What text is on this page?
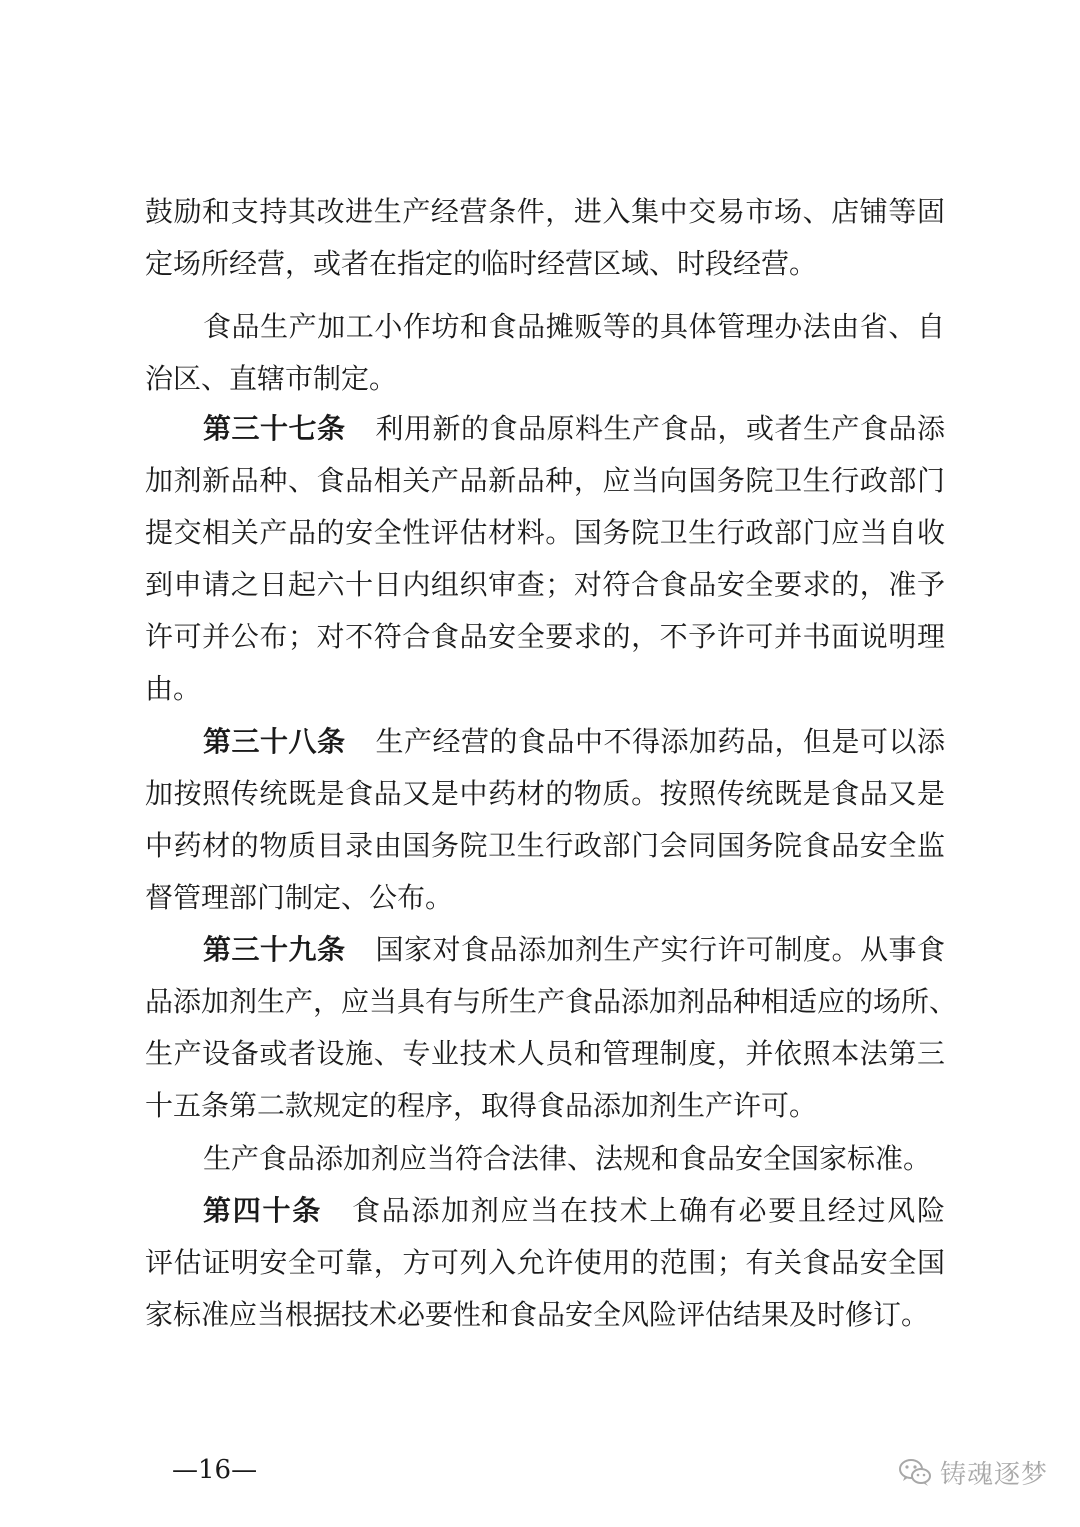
鼓励和支持其改进生产经营条件，进入集中交易市场、店铺等固
定场所经营，或者在指定的临时经营区域、时段经营。
食品生产加工小作坊和食品摊贩等的具体管理办法由省、自
治区、直辖市制定。
第三十七条 利用新的食品原料生产食品，或者生产食品添
加剂新品种、食品相关产品新品种，应当向国务院卫生行政部门
提交相关产品的安全性评估材料。国务院卫生行政部门应当自收
到申请之日起六十日内组织审查；对符合食品安全要求的，准予
许可并公布；对不符合食品安全要求的，不予许可并书面说明理
由。
第三十八条 生产经营的食品中不得添加药品，但是可以添
加按照传统既是食品又是中药材的物质。按照传统既是食品又是
中药材的物质目录由国务院卫生行政部门会同国务院食品安全监
督管理部门制定、公布。
第三十九条 国家对食品添加剂生产实行许可制度。从事食
品添加剂生产，应当具有与所生产食品添加剂品种相适应的场所、
生产设备或者设施、专业技术人员和管理制度，并依照本法第三
十五条第二款规定的程序，取得食品添加剂生产许可。
生产食品添加剂应当符合法律、法规和食品安全国家标准。
第四十条 食品添加剂应当在技术上确有必要且经过风险
评估证明安全可靠，方可列入允许使用的范围；有关食品安全国
家标准应当根据技术必要性和食品安全风险评估结果及时修订。
—16—	铸魂逐梦
